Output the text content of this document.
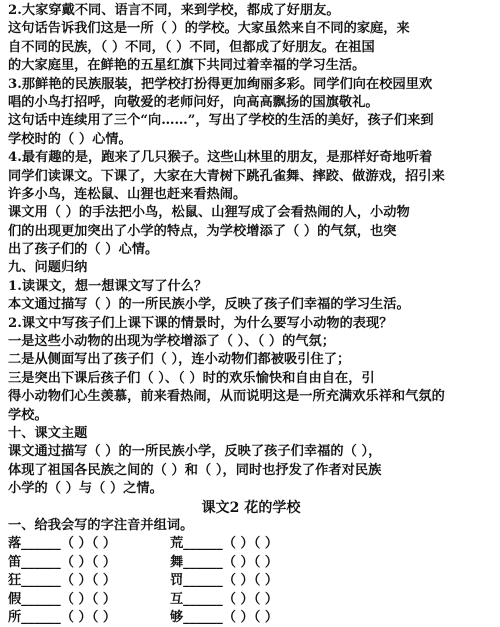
2.大家穿戴不同、语言不同，来到学校，都成了好朋友。
这句话告诉我们这是一所（ ）的学校。大家虽然来自不同的家庭，来
自不同的民族，（ ）不同，（ ）不同，但都成了好朋友。在祖国
的大家庭里，在鲜艳的五星红旗下共同过着幸福的学习生活。
3.那鲜艳的民族服装，把学校打扮得更加绚丽多彩。同学们向在校园里欢
唱的小鸟打招呼，向敬爱的老师问好，向高高飘扬的国旗敬礼。
这句话中连续用了三个“向……”，写出了学校的生活的美好，孩子们来到
学校时的（ ）心情。
4.最有趣的是，跑来了几只猴子。这些山林里的朋友，是那样好奇地听着
同学们读课文。下课了，大家在大青树下跳孔雀舞、摔跤、做游戏，招引来
许多小鸟，连松鼠、山狸也赶来看热闹。
课文用（ ）的手法把小鸟，松鼠、山狸写成了会看热闹的人，小动物
们的出现更加突出了小学的特点，为学校增添了（ ）的气氛，也突
出了孩子们的（ ）心情。
九、问题归纳
1.读课文，想一想课文写了什么？
本文通过描写（ ）的一所民族小学，反映了孩子们幸福的学习生活。
2.课文中写孩子们上课下课的情景时，为什么要写小动物的表现？
一是这些小动物的出现为学校增添了（ ）、（ ）的气氛；
二是从侧面写出了孩子们（ ），连小动物们都被吸引住了；
三是突出下课后孩子们（ ）、（ ）时的欢乐愉快和自由自在，引
得小动物们心生羡慕，前来看热闹，从而说明这是一所充满欢乐祥和气氛的
学校。
十、课文主题
课文通过描写（ ）的一所民族小学，反映了孩子们幸福的（ ），
体现了祖国各民族之间的（ ）和（ ），同时也抒发了作者对民族
小学的（ ）与（ ）之情。
课文2 花的学校
一、给我会写的字注音并组词。
落______（ ）（ ）	荒______（ ）（ ）
笛______（ ）（ ）	舞______（ ）（ ）
狂______（ ）（ ）	罚______（ ）（ ）
假______（ ）（ ）	互______（ ）（ ）
所______（ ）（ ）	够______（ ）（ ）
